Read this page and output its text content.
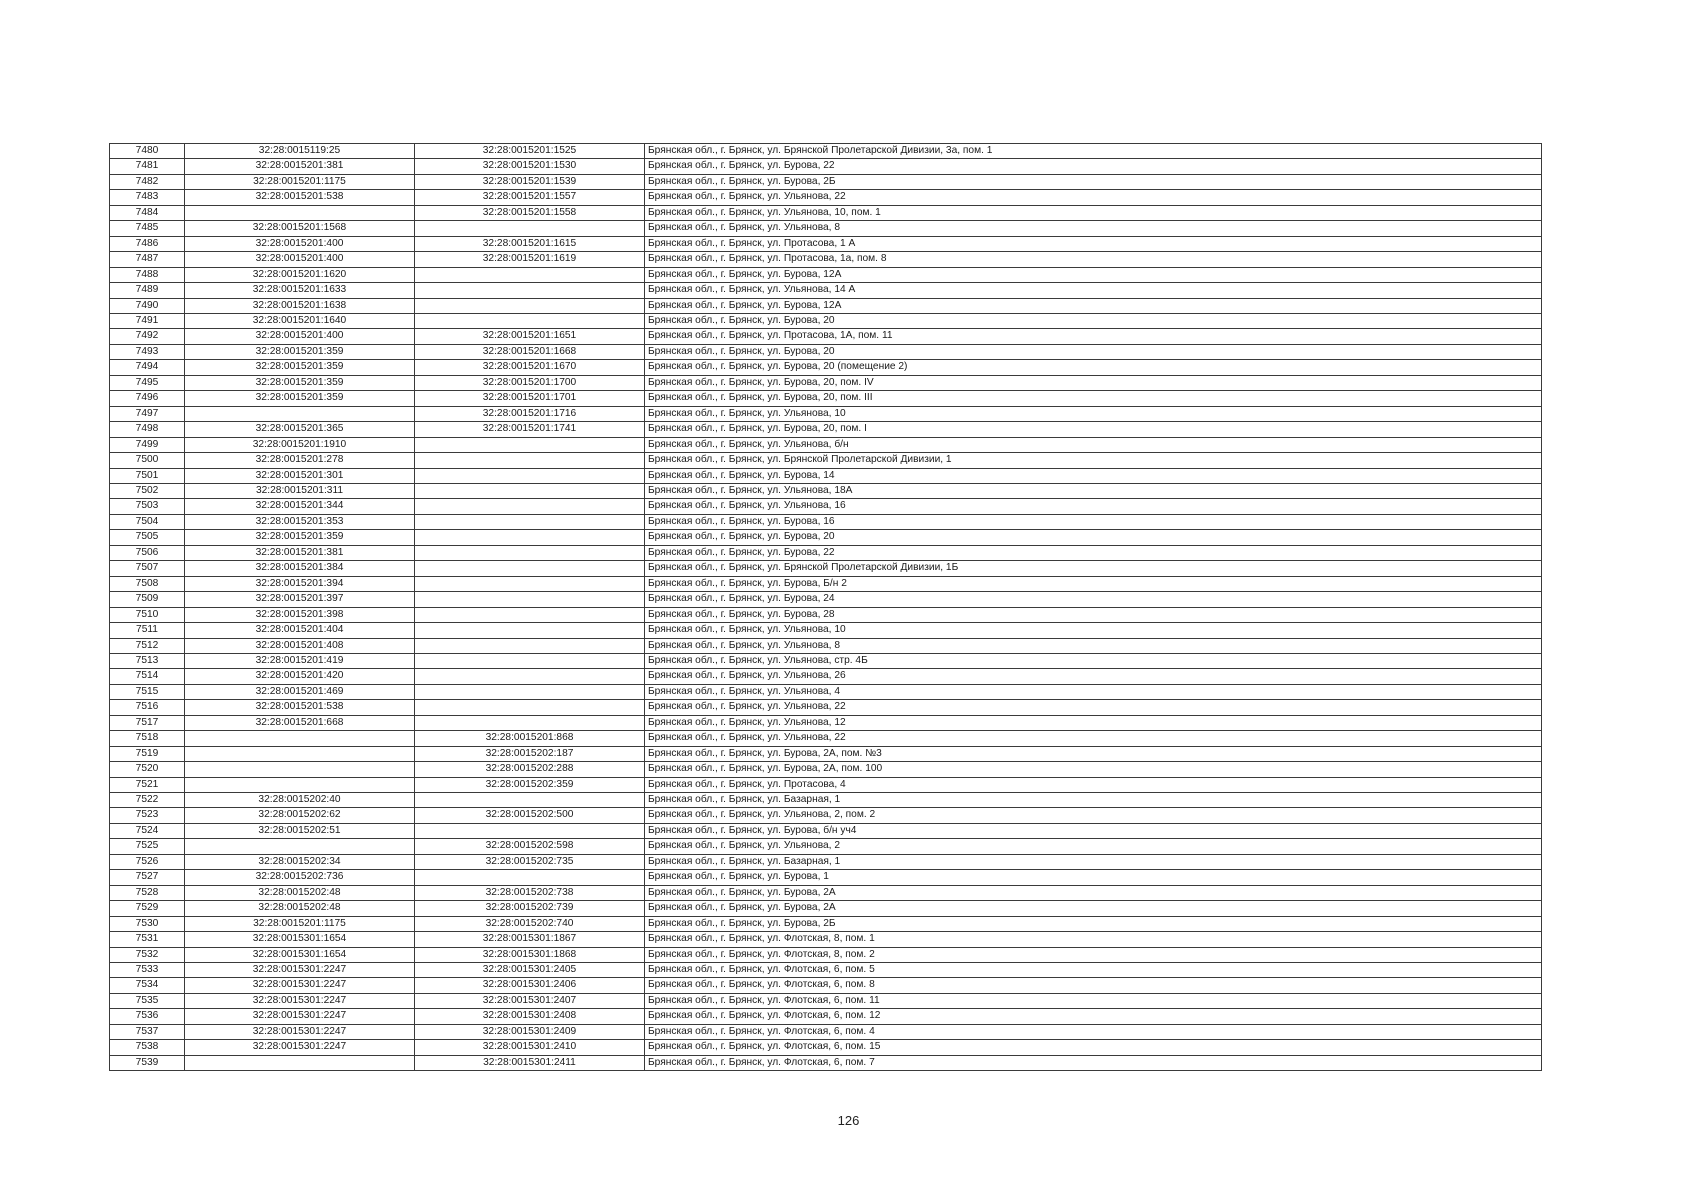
7480	32:28:0015119:25	32:28:0015201:1525	Брянская обл., г. Брянск, ул. Брянской Пролетарской Дивизии, 3а, пом. 1
7481	32:28:0015201:381	32:28:0015201:1530	Брянская обл., г. Брянск, ул. Бурова, 22
7482	32:28:0015201:1175	32:28:0015201:1539	Брянская обл., г. Брянск, ул. Бурова, 2Б
7483	32:28:0015201:538	32:28:0015201:1557	Брянская обл., г. Брянск, ул. Ульянова, 22
7484		32:28:0015201:1558	Брянская обл., г. Брянск, ул. Ульянова, 10, пом. 1
7485	32:28:0015201:1568		Брянская обл., г. Брянск, ул. Ульянова, 8
7486	32:28:0015201:400	32:28:0015201:1615	Брянская обл., г. Брянск, ул. Протасова, 1 А
7487	32:28:0015201:400	32:28:0015201:1619	Брянская обл., г. Брянск, ул. Протасова, 1а, пом. 8
7488	32:28:0015201:1620		Брянская обл., г. Брянск, ул. Бурова, 12А
7489	32:28:0015201:1633		Брянская обл., г. Брянск, ул. Ульянова, 14 А
7490	32:28:0015201:1638		Брянская обл., г. Брянск, ул. Бурова, 12А
7491	32:28:0015201:1640		Брянская обл., г. Брянск, ул. Бурова, 20
7492	32:28:0015201:400	32:28:0015201:1651	Брянская обл., г. Брянск, ул. Протасова, 1А, пом. 11
7493	32:28:0015201:359	32:28:0015201:1668	Брянская обл., г. Брянск, ул. Бурова, 20
7494	32:28:0015201:359	32:28:0015201:1670	Брянская обл., г. Брянск, ул. Бурова, 20 (помещение 2)
7495	32:28:0015201:359	32:28:0015201:1700	Брянская обл., г. Брянск, ул. Бурова, 20, пом. IV
7496	32:28:0015201:359	32:28:0015201:1701	Брянская обл., г. Брянск, ул. Бурова, 20, пом. III
7497		32:28:0015201:1716	Брянская обл., г. Брянск, ул. Ульянова, 10
7498	32:28:0015201:365	32:28:0015201:1741	Брянская обл., г. Брянск, ул. Бурова, 20, пом. I
7499	32:28:0015201:1910		Брянская обл., г. Брянск, ул. Ульянова, б/н
7500	32:28:0015201:278		Брянская обл., г. Брянск, ул. Брянской Пролетарской Дивизии, 1
7501	32:28:0015201:301		Брянская обл., г. Брянск, ул. Бурова, 14
7502	32:28:0015201:311		Брянская обл., г. Брянск, ул. Ульянова, 18А
7503	32:28:0015201:344		Брянская обл., г. Брянск, ул. Ульянова, 16
7504	32:28:0015201:353		Брянская обл., г. Брянск, ул. Бурова, 16
7505	32:28:0015201:359		Брянская обл., г. Брянск, ул. Бурова, 20
7506	32:28:0015201:381		Брянская обл., г. Брянск, ул. Бурова, 22
7507	32:28:0015201:384		Брянская обл., г. Брянск, ул. Брянской Пролетарской Дивизии, 1Б
7508	32:28:0015201:394		Брянская обл., г. Брянск, ул. Бурова, Б/н 2
7509	32:28:0015201:397		Брянская обл., г. Брянск, ул. Бурова, 24
7510	32:28:0015201:398		Брянская обл., г. Брянск, ул. Бурова, 28
7511	32:28:0015201:404		Брянская обл., г. Брянск, ул. Ульянова, 10
7512	32:28:0015201:408		Брянская обл., г. Брянск, ул. Ульянова, 8
7513	32:28:0015201:419		Брянская обл., г. Брянск, ул. Ульянова, стр. 4Б
7514	32:28:0015201:420		Брянская обл., г. Брянск, ул. Ульянова, 26
7515	32:28:0015201:469		Брянская обл., г. Брянск, ул. Ульянова, 4
7516	32:28:0015201:538		Брянская обл., г. Брянск, ул. Ульянова, 22
7517	32:28:0015201:668		Брянская обл., г. Брянск, ул. Ульянова, 12
7518		32:28:0015201:868	Брянская обл., г. Брянск, ул. Ульянова, 22
7519		32:28:0015202:187	Брянская обл., г. Брянск, ул. Бурова, 2А, пом. №3
7520		32:28:0015202:288	Брянская обл., г. Брянск, ул. Бурова, 2А, пом. 100
7521		32:28:0015202:359	Брянская обл., г. Брянск, ул. Протасова, 4
7522	32:28:0015202:40		Брянская обл., г. Брянск, ул. Базарная, 1
7523	32:28:0015202:62	32:28:0015202:500	Брянская обл., г. Брянск, ул. Ульянова, 2, пом. 2
7524	32:28:0015202:51		Брянская обл., г. Брянск, ул. Бурова, б/н уч4
7525		32:28:0015202:598	Брянская обл., г. Брянск, ул. Ульянова, 2
7526	32:28:0015202:34	32:28:0015202:735	Брянская обл., г. Брянск, ул. Базарная, 1
7527	32:28:0015202:736		Брянская обл., г. Брянск, ул. Бурова, 1
7528	32:28:0015202:48	32:28:0015202:738	Брянская обл., г. Брянск, ул. Бурова, 2А
7529	32:28:0015202:48	32:28:0015202:739	Брянская обл., г. Брянск, ул. Бурова, 2А
7530	32:28:0015201:1175	32:28:0015202:740	Брянская обл., г. Брянск, ул. Бурова, 2Б
7531	32:28:0015301:1654	32:28:0015301:1867	Брянская обл., г. Брянск, ул. Флотская, 8, пом. 1
7532	32:28:0015301:1654	32:28:0015301:1868	Брянская обл., г. Брянск, ул. Флотская, 8, пом. 2
7533	32:28:0015301:2247	32:28:0015301:2405	Брянская обл., г. Брянск, ул. Флотская, 6, пом. 5
7534	32:28:0015301:2247	32:28:0015301:2406	Брянская обл., г. Брянск, ул. Флотская, 6, пом. 8
7535	32:28:0015301:2247	32:28:0015301:2407	Брянская обл., г. Брянск, ул. Флотская, 6, пом. 11
7536	32:28:0015301:2247	32:28:0015301:2408	Брянская обл., г. Брянск, ул. Флотская, 6, пом. 12
7537	32:28:0015301:2247	32:28:0015301:2409	Брянская обл., г. Брянск, ул. Флотская, 6, пом. 4
7538	32:28:0015301:2247	32:28:0015301:2410	Брянская обл., г. Брянск, ул. Флотская, 6, пом. 15
7539		32:28:0015301:2411	Брянская обл., г. Брянск, ул. Флотская, 6, пом. 7
126
